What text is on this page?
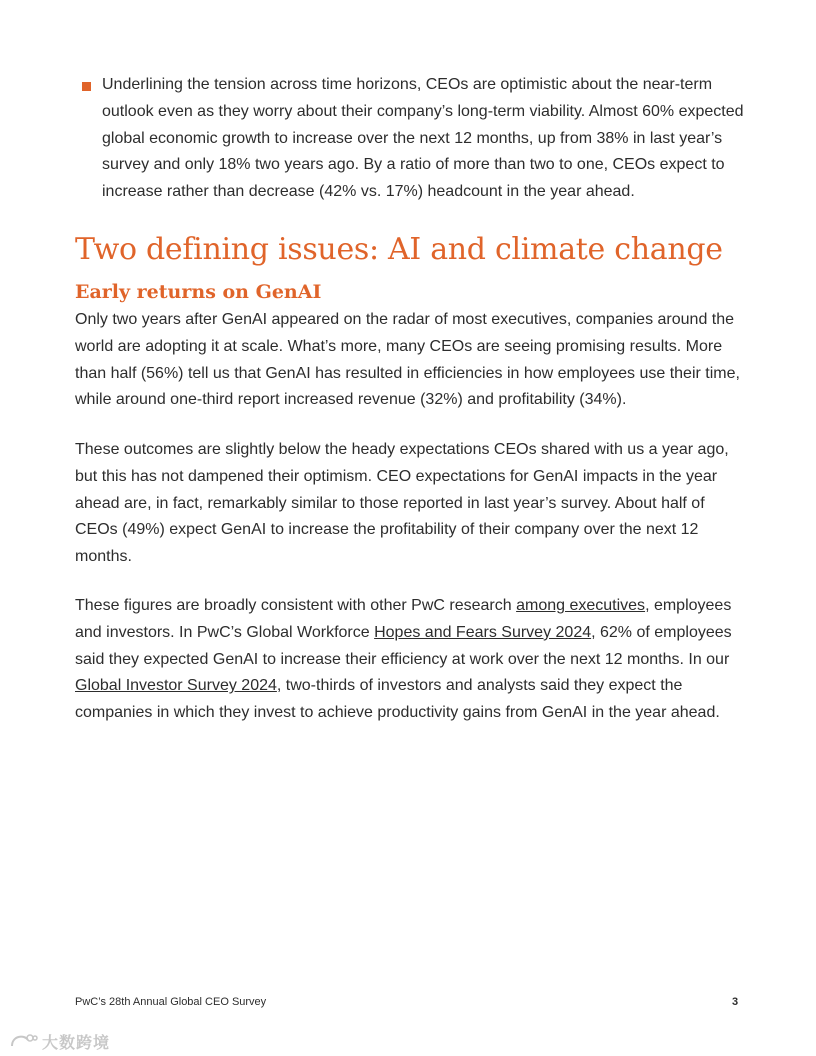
Underlining the tension across time horizons, CEOs are optimistic about the near-term outlook even as they worry about their company’s long-term viability. Almost 60% expected global economic growth to increase over the next 12 months, up from 38% in last year’s survey and only 18% two years ago. By a ratio of more than two to one, CEOs expect to increase rather than decrease (42% vs. 17%) headcount in the year ahead.

Two defining issues: AI and climate change
Early returns on GenAI

Only two years after GenAI appeared on the radar of most executives, companies around the world are adopting it at scale. What’s more, many CEOs are seeing promising results. More than half (56%) tell us that GenAI has resulted in efficiencies in how employees use their time, while around one-third report increased revenue (32%) and profitability (34%).

These outcomes are slightly below the heady expectations CEOs shared with us a year ago, but this has not dampened their optimism. CEO expectations for GenAI impacts in the year ahead are, in fact, remarkably similar to those reported in last year’s survey. About half of CEOs (49%) expect GenAI to increase the profitability of their company over the next 12 months.

These figures are broadly consistent with other PwC research among executives, employees and investors. In PwC’s Global Workforce Hopes and Fears Survey 2024, 62% of employees said they expected GenAI to increase their efficiency at work over the next 12 months. In our Global Investor Survey 2024, two-thirds of investors and analysts said they expect the companies in which they invest to achieve productivity gains from GenAI in the year ahead.

PwC’s 28th Annual Global CEO Survey	3
大数跨境
